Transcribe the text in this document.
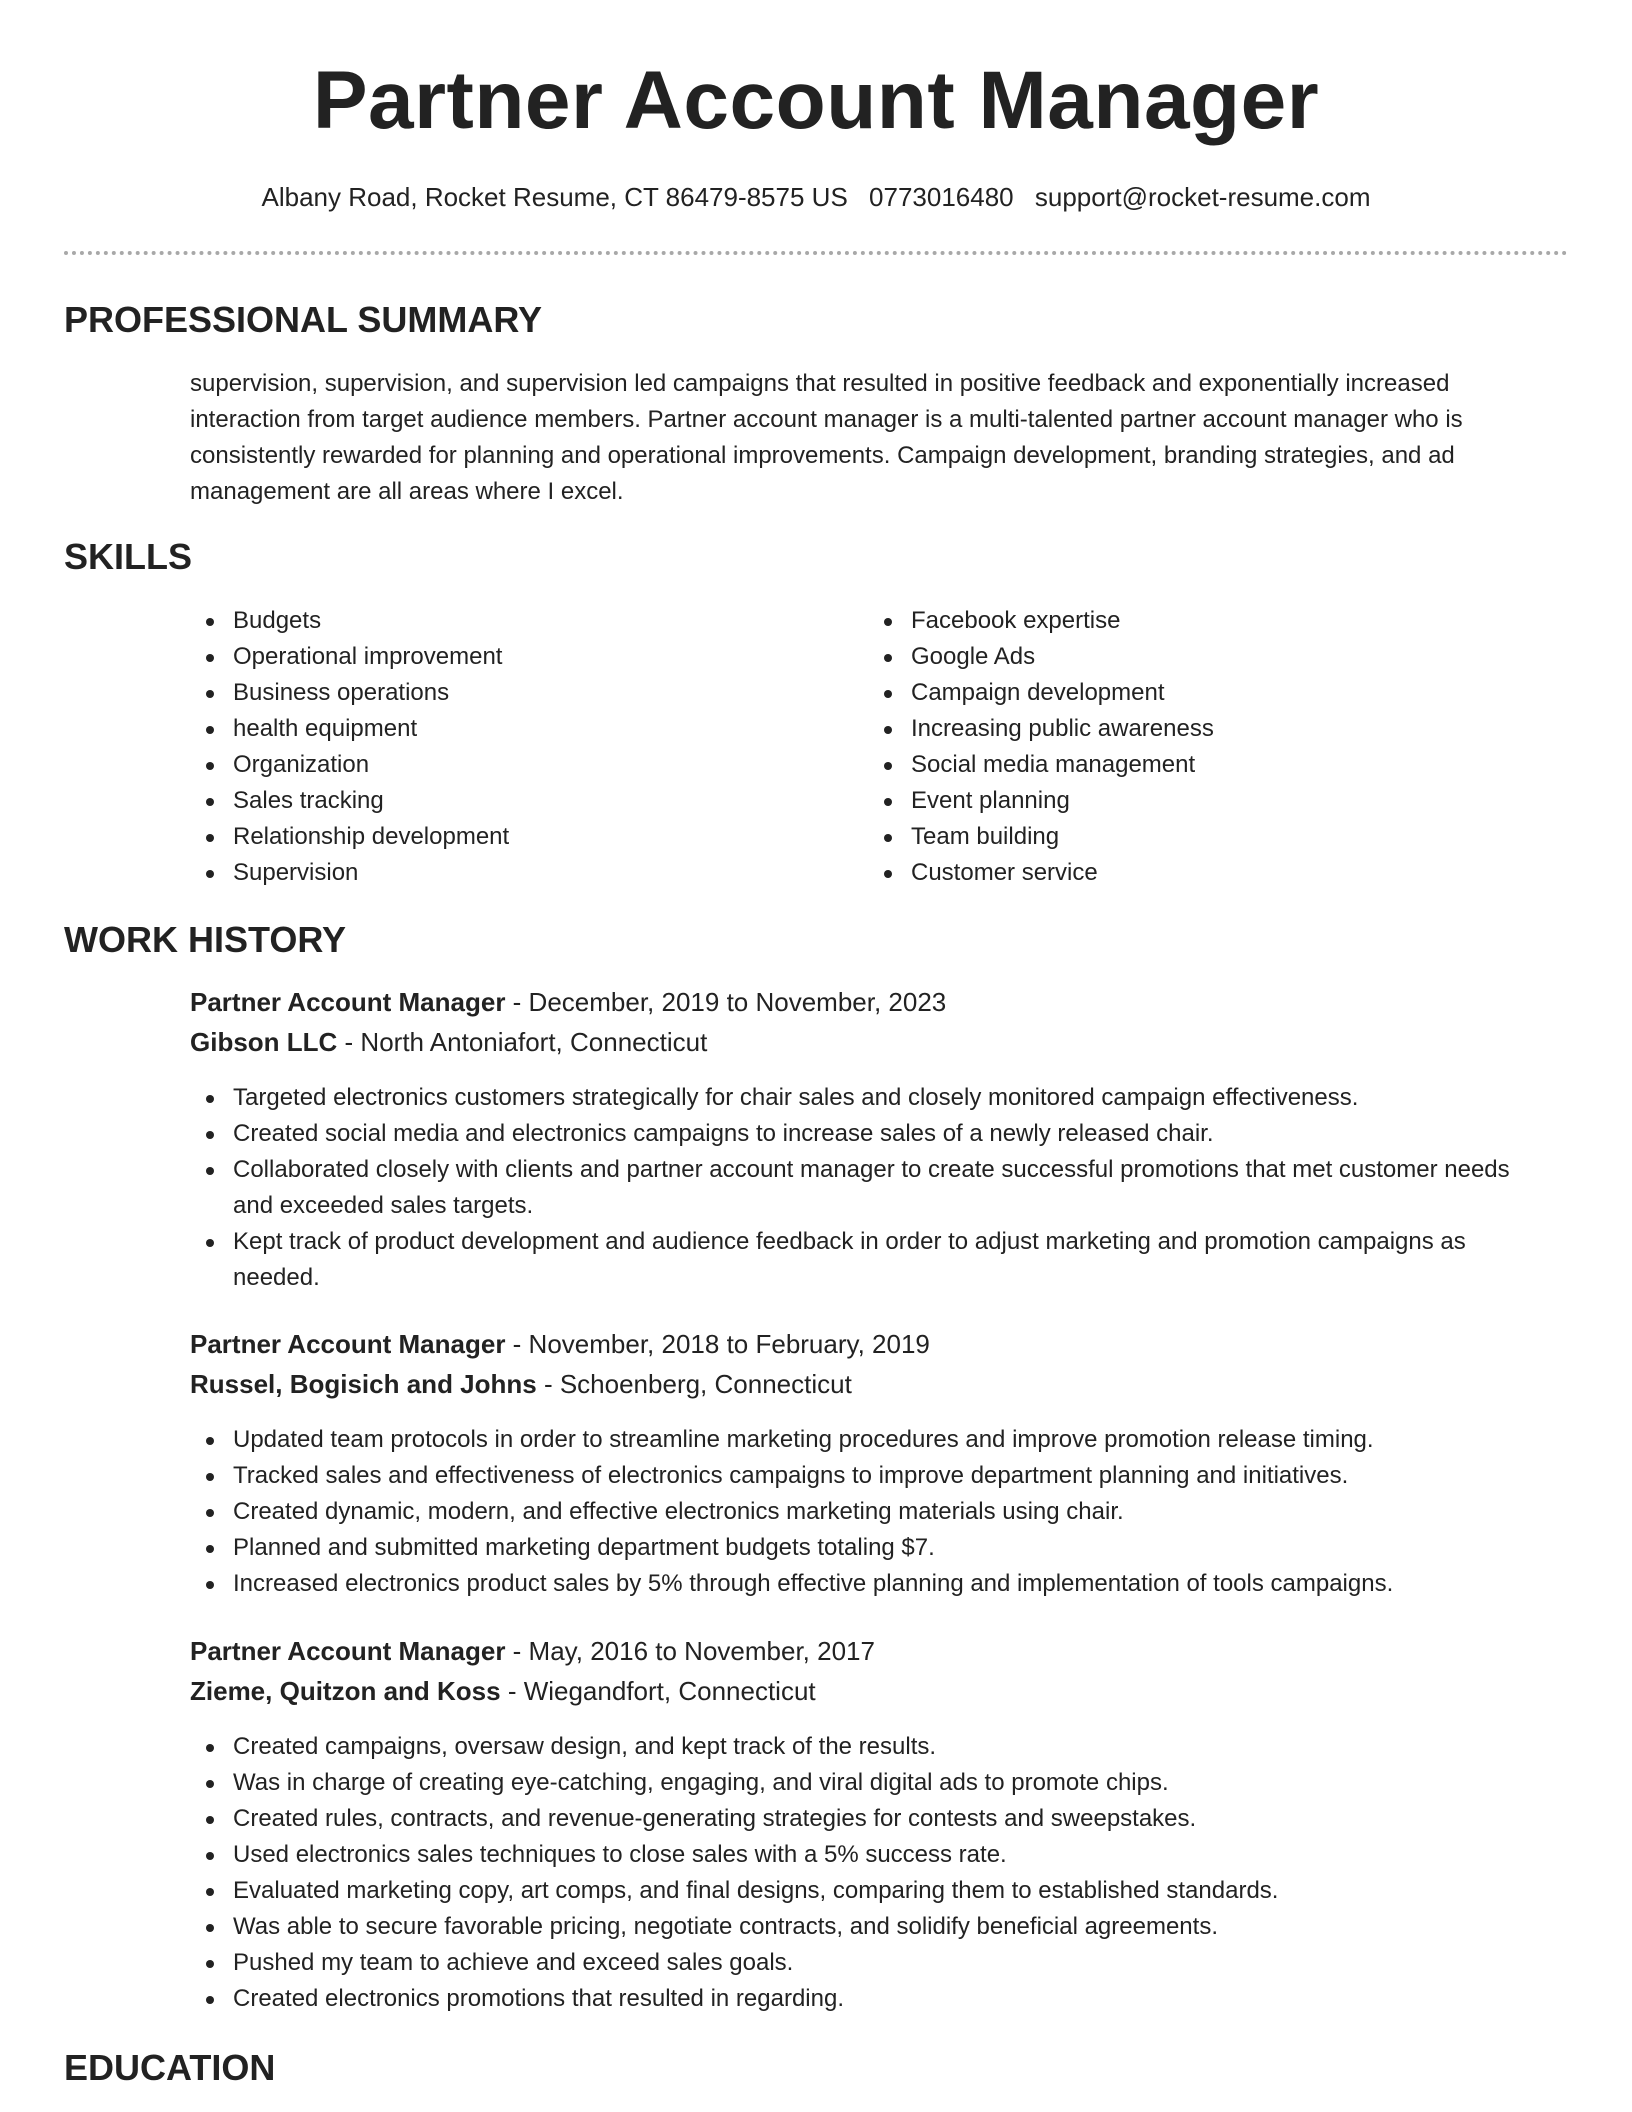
Partner Account Manager
Albany Road, Rocket Resume, CT 86479-8575 US 0773016480 support@rocket-resume.com
PROFESSIONAL SUMMARY

supervision, supervision, and supervision led campaigns that resulted in positive feedback and exponentially increased interaction from target audience members. Partner account manager is a multi-talented partner account manager who is consistently rewarded for planning and operational improvements. Campaign development, branding strategies, and ad management are all areas where I excel.

SKILLS
Budgets
Operational improvement
Business operations
health equipment
Organization
Sales tracking
Relationship development
Supervision
Facebook expertise
Google Ads
Campaign development
Increasing public awareness
Social media management
Event planning
Team building
Customer service
WORK HISTORY
Partner Account Manager - December, 2019 to November, 2023
Gibson LLC - North Antoniafort, Connecticut
Targeted electronics customers strategically for chair sales and closely monitored campaign effectiveness.
Created social media and electronics campaigns to increase sales of a newly released chair.
Collaborated closely with clients and partner account manager to create successful promotions that met customer needs and exceeded sales targets.
Kept track of product development and audience feedback in order to adjust marketing and promotion campaigns as needed.
Partner Account Manager - November, 2018 to February, 2019
Russel, Bogisich and Johns - Schoenberg, Connecticut
Updated team protocols in order to streamline marketing procedures and improve promotion release timing.
Tracked sales and effectiveness of electronics campaigns to improve department planning and initiatives.
Created dynamic, modern, and effective electronics marketing materials using chair.
Planned and submitted marketing department budgets totaling $7.
Increased electronics product sales by 5% through effective planning and implementation of tools campaigns.
Partner Account Manager - May, 2016 to November, 2017
Zieme, Quitzon and Koss - Wiegandfort, Connecticut
Created campaigns, oversaw design, and kept track of the results.
Was in charge of creating eye-catching, engaging, and viral digital ads to promote chips.
Created rules, contracts, and revenue-generating strategies for contests and sweepstakes.
Used electronics sales techniques to close sales with a 5% success rate.
Evaluated marketing copy, art comps, and final designs, comparing them to established standards.
Was able to secure favorable pricing, negotiate contracts, and solidify beneficial agreements.
Pushed my team to achieve and exceed sales goals.
Created electronics promotions that resulted in regarding.
EDUCATION
